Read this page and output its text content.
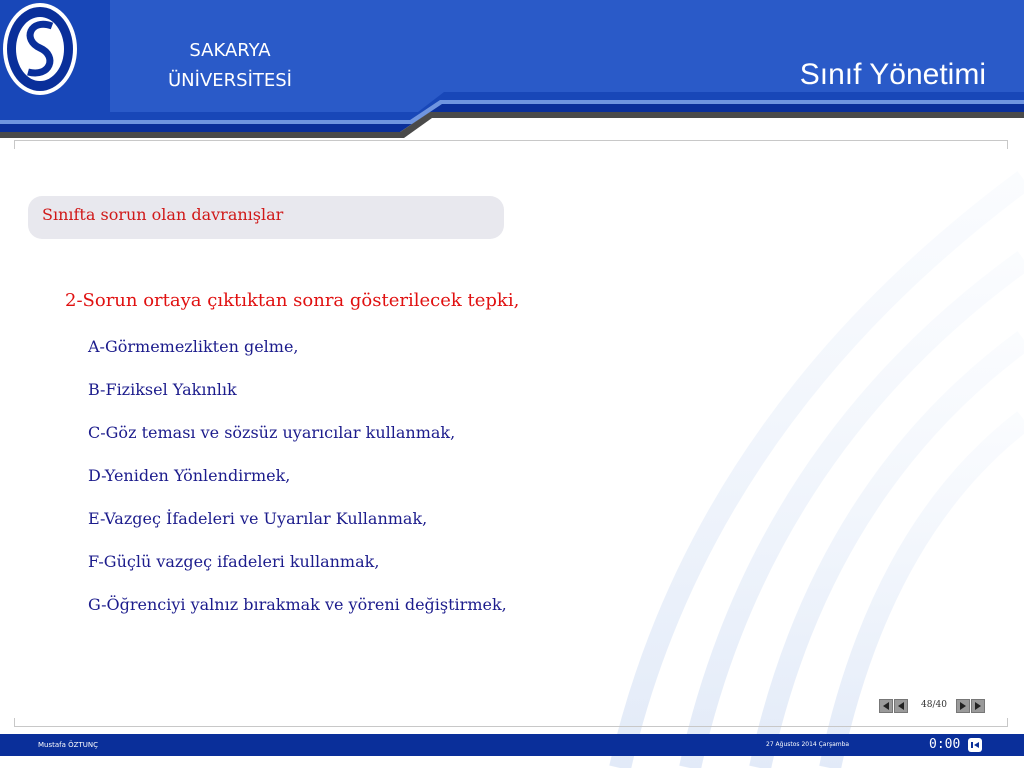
SAKARYA
ÜNİVERSİTESİ	Sınıf Yönetimi
Sınıfta sorun olan davranışlar
2-Sorun ortaya çıktıktan sonra gösterilecek tepki,
A-Görmemezlikten gelme,
B-Fiziksel Yakınlık
C-Göz teması ve sözsüz uyarıcılar kullanmak,
D-Yeniden Yönlendirmek,
E-Vazgeç İfadeleri ve Uyarılar Kullanmak,
F-Güçlü vazgeç ifadeleri kullanmak,
G-Öğrenciyi yalnız bırakmak ve yöreni değiştirmek,
48/40
Mustafa ÖZTUNÇ	27 Ağustos 2014 Çarşamba	0:00
